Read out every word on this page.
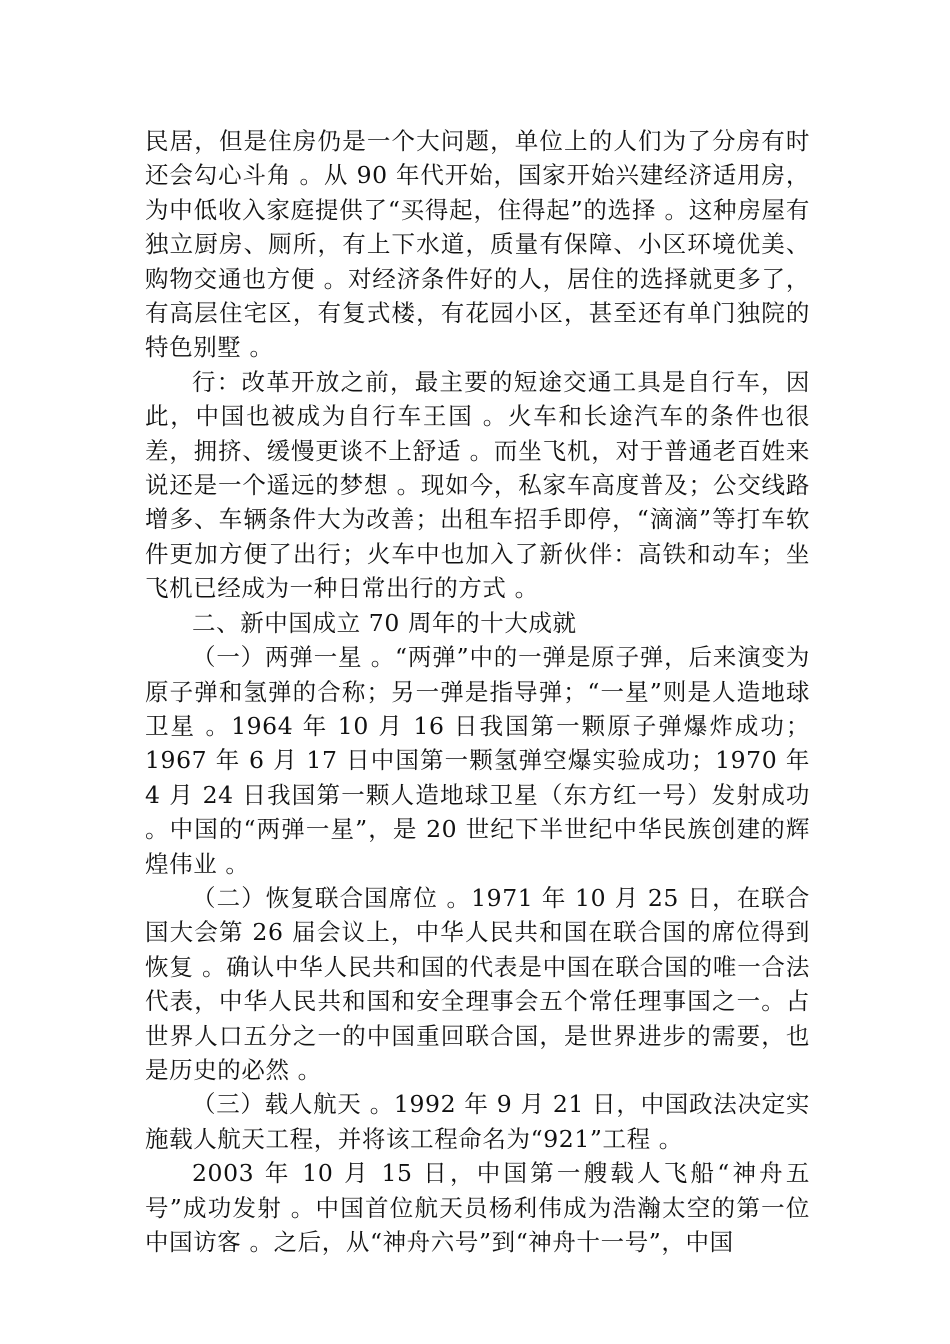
民居，但是住房仍是一个大问题，单位上的人们为了分房有时还会勾心斗角 。从 90 年代开始，国家开始兴建经济适用房，为中低收入家庭提供了“买得起，住得起”的选择 。这种房屋有独立厨房、厕所，有上下水道，质量有保障、小区环境优美、购物交通也方便 。对经济条件好的人，居住的选择就更多了，有高层住宅区，有复式楼，有花园小区，甚至还有单门独院的特色别墅 。

行：改革开放之前，最主要的短途交通工具是自行车，因此，中国也被成为自行车王国 。火车和长途汽车的条件也很差，拥挤、缓慢更谈不上舒适 。而坐飞机，对于普通老百姓来说还是一个遥远的梦想 。现如今，私家车高度普及；公交线路增多、车辆条件大为改善；出租车招手即停，“滴滴”等打车软件更加方便了出行；火车中也加入了新伙伴：高铁和动车；坐飞机已经成为一种日常出行的方式 。

二、新中国成立 70 周年的十大成就

（一）两弹一星 。“两弹”中的一弹是原子弹，后来演变为原子弹和氢弹的合称；另一弹是指导弹；“一星”则是人造地球卫星 。1964 年 10 月 16 日我国第一颗原子弹爆炸成功；1967 年 6 月 17 日中国第一颗氢弹空爆实验成功；1970 年 4 月 24 日我国第一颗人造地球卫星（东方红一号）发射成功 。中国的“两弹一星”，是 20 世纪下半世纪中华民族创建的辉煌伟业 。

（二）恢复联合国席位 。1971 年 10 月 25 日，在联合国大会第 26 届会议上，中华人民共和国在联合国的席位得到恢复 。确认中华人民共和国的代表是中国在联合国的唯一合法代表，中华人民共和国和安全理事会五个常任理事国之一。占世界人口五分之一的中国重回联合国，是世界进步的需要，也是历史的必然 。

（三）载人航天 。1992 年 9 月 21 日，中国政法决定实施载人航天工程，并将该工程命名为“921”工程 。

2003 年 10 月 15 日，中国第一艘载人飞船“神舟五号”成功发射 。中国首位航天员杨利伟成为浩瀚太空的第一位中国访客 。之后，从“神舟六号”到“神舟十一号”，中国
